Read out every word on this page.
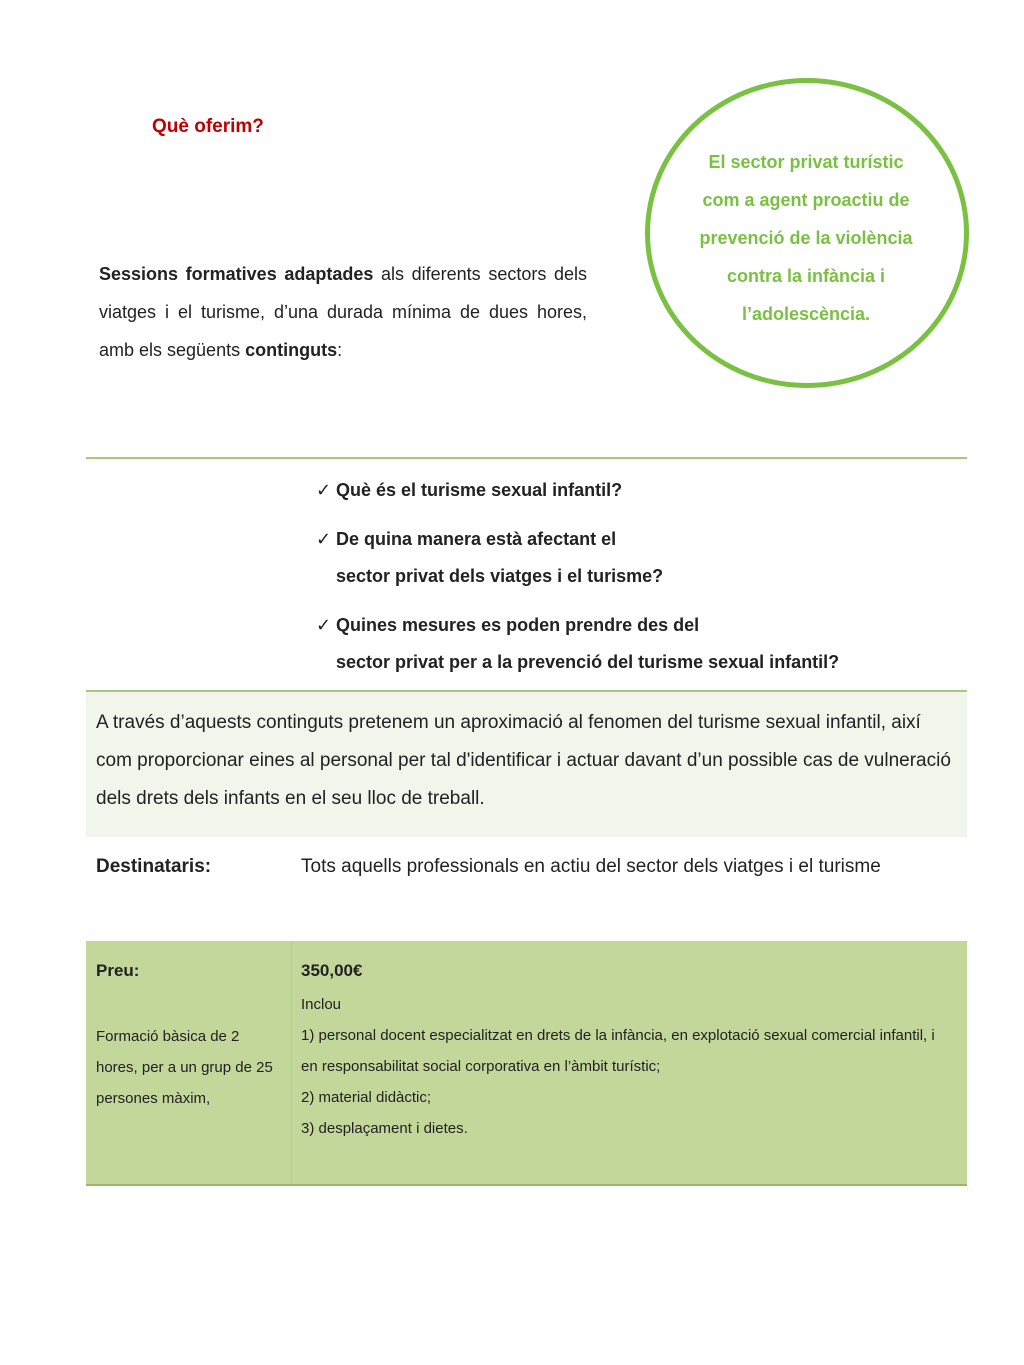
Què oferim?
Sessions formatives adaptades als diferents sectors dels viatges i el turisme, d’una durada mínima de dues hores, amb els següents continguts:
El sector privat turístic
com a agent proactiu de
prevenció de la violència
contra la infància i
l’adolescència.
✓ Què és el turisme sexual infantil?
✓ De quina manera està afectant el
sector privat dels viatges i el turisme?
✓ Quines mesures es poden prendre des del
sector privat per a la prevenció del turisme sexual infantil?
A través d’aquests continguts pretenem un aproximació al fenomen del turisme sexual infantil, així com proporcionar eines al personal per tal d'identificar i actuar davant d’un possible cas de vulneració dels drets dels infants en el seu lloc de treball.
Destinataris:	Tots aquells professionals en actiu del sector dels viatges i el turisme
Preu:
Formació bàsica de 2 hores, per a un grup de 25 persones màxim,
350,00€
Inclou
1) personal docent especialitzat en drets de la infància, en explotació sexual comercial infantil, i en responsabilitat social corporativa en l’àmbit turístic;
2) material didàctic;
3) desplaçament i dietes.
